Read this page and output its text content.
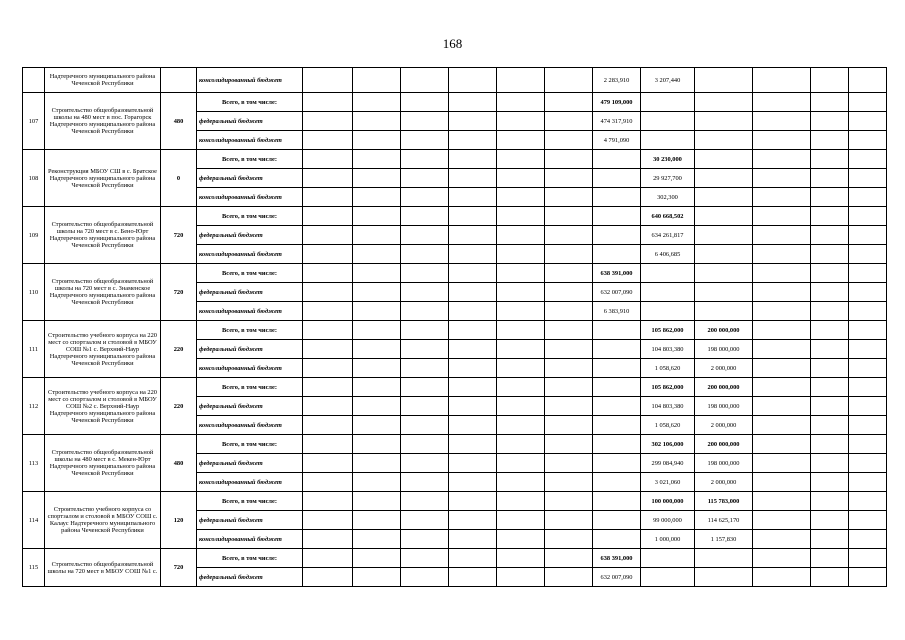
168
	Надтеречного муниципального района Чеченской Республики		консолидированный бюджет							2 283,910	3 207,440				
107	Строительство общеобразовательной школы на 480 мест в пос. Горагорск Надтеречного муниципального района Чеченской Республики	480	Всего, в том числе:							479 109,000					
			федеральный бюджет							474 317,910					
			консолидированный бюджет							4 791,090					
108	Реконструкция МБОУ СШ в с. Братское Надтеречного муниципального района Чеченской Республики	0	Всего, в том числе:								30 230,000				
			федеральный бюджет								29 927,700				
			консолидированный бюджет								302,300				
109	Строительство общеобразовательной школы на 720 мест в с. Бено-Юрт Надтеречного муниципального района Чеченской Республики	720	Всего, в том числе:								640 668,502				
			федеральный бюджет								634 261,817				
			консолидированный бюджет								6 406,685				
110	Строительство общеобразовательной школы на 720 мест в с. Знаменское Надтеречного муниципального района Чеченской Республики	720	Всего, в том числе:							638 391,000					
			федеральный бюджет							632 007,090					
			консолидированный бюджет							6 383,910					
111	Строительство учебного корпуса на 220 мест со спортзалом и столовой в МБОУ СОШ №1 с. Верхний-Наур Надтеречного муниципального района Чеченской Республики	220	Всего, в том числе:								105 862,000	200 000,000			
			федеральный бюджет								104 803,380	198 000,000			
			консолидированный бюджет								1 058,620	2 000,000			
112	Строительство учебного корпуса на 220 мест со спортзалом и столовой в МБОУ СОШ №2 с. Верхний-Наур Надтеречного муниципального района Чеченской Республики	220	Всего, в том числе:								105 862,000	200 000,000			
			федеральный бюджет								104 803,380	198 000,000			
			консолидированный бюджет								1 058,620	2 000,000			
113	Строительство общеобразовательной школы на 480 мест в с. Мекен-Юрт Надтеречного муниципального района Чеченской Республики	480	Всего, в том числе:								302 106,000	200 000,000			
			федеральный бюджет								299 084,940	198 000,000			
			консолидированный бюджет								3 021,060	2 000,000			
114	Строительство учебного корпуса со спортзалом и столовой в МБОУ СОШ с. Калаус Надтеречного муниципального района Чеченской Республики	120	Всего, в том числе:								100 000,000	115 783,000			
			федеральный бюджет								99 000,000	114 625,170			
			консолидированный бюджет								1 000,000	1 157,830			
115	Строительство общеобразовательной школы на 720 мест в МБОУ СОШ №1 с.	720	Всего, в том числе:							638 391,000					
			федеральный бюджет							632 007,090					
